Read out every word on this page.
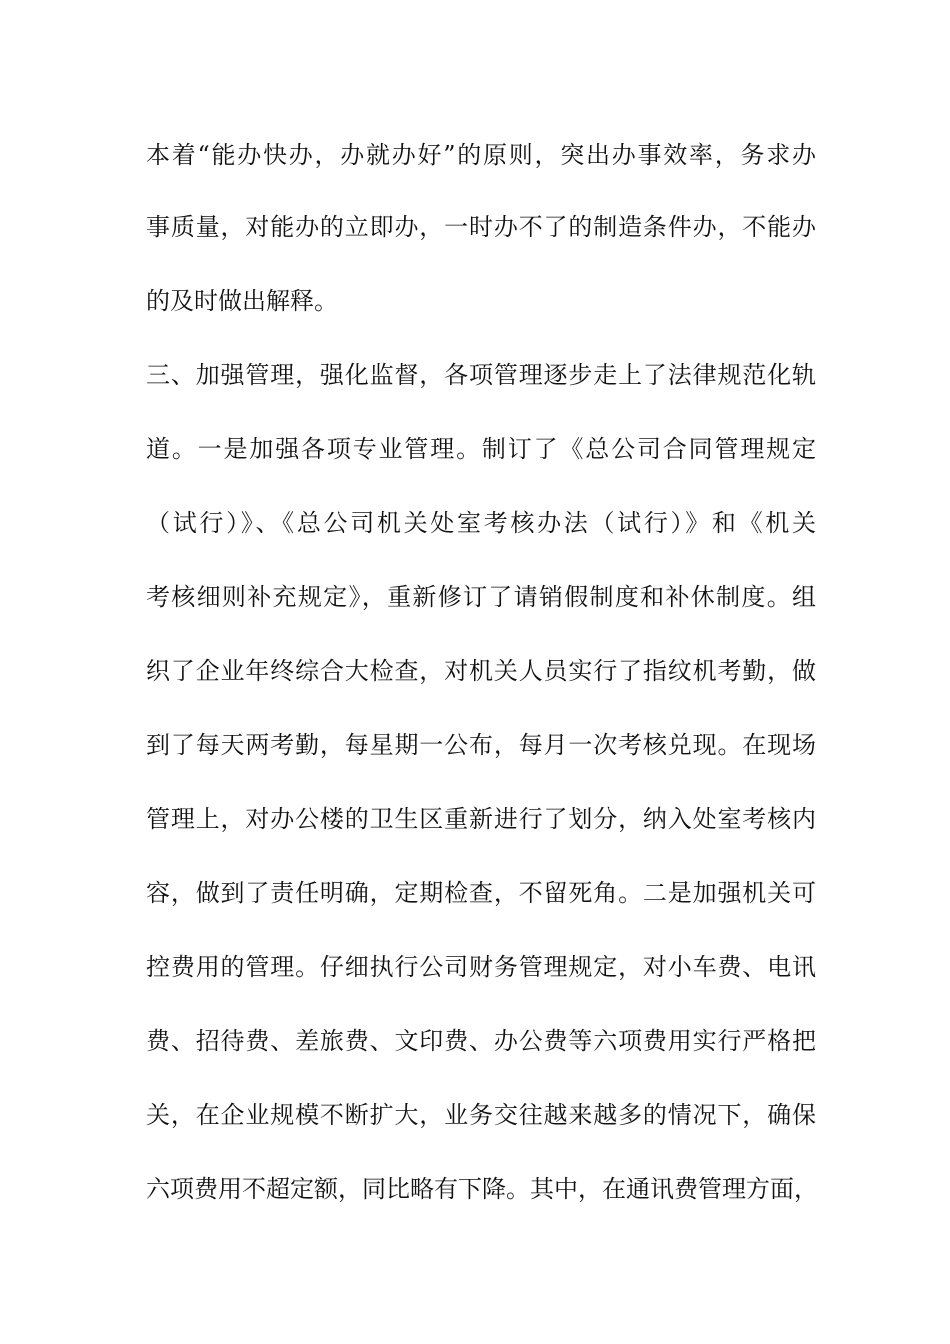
本着“能办快办，办就办好”的原则，突出办事效率，务求办
事质量，对能办的立即办，一时办不了的制造条件办，不能办
的及时做出解释。
三、加强管理，强化监督，各项管理逐步走上了法律规范化轨
道。一是加强各项专业管理。制订了《总公司合同管理规定
（试行）》、《总公司机关处室考核办法（试行）》和《机关
考核细则补充规定》，重新修订了请销假制度和补休制度。组
织了企业年终综合大检查，对机关人员实行了指纹机考勤，做
到了每天两考勤，每星期一公布，每月一次考核兑现。在现场
管理上，对办公楼的卫生区重新进行了划分，纳入处室考核内
容，做到了责任明确，定期检查，不留死角。二是加强机关可
控费用的管理。仔细执行公司财务管理规定，对小车费、电讯
费、招待费、差旅费、文印费、办公费等六项费用实行严格把
关，在企业规模不断扩大，业务交往越来越多的情况下，确保
六项费用不超定额，同比略有下降。其中，在通讯费管理方面，
